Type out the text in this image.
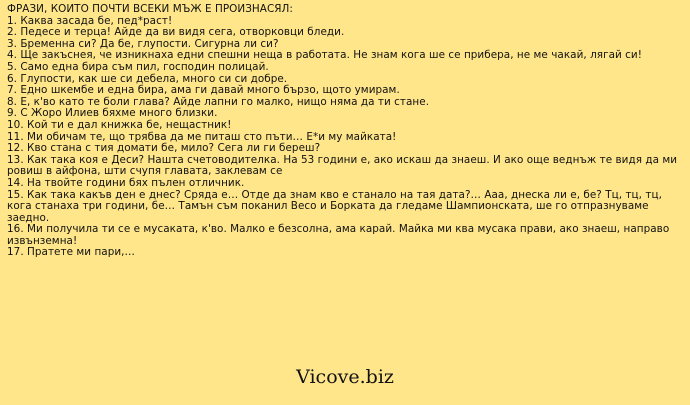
ФРАЗИ, КОИТО ПОЧТИ ВСЕКИ МЪЖ Е ПРОИЗНАСЯЛ:
1. Каква засада бе, пед*раст!
2. Педесе и терца! Айде да ви видя сега, отворковци бледи.
3. Бременна си? Да бе, глупости. Сигурна ли си?
4. Ще закъснея, че изникнаха едни спешни неща в работата. Не знам кога ше се прибера, не ме чакай, лягай си!
5. Само една бира съм пил, господин полицай.
6. Глупости, как ше си дебела, много си си добре.
7. Едно шкембе и една бира, ама ги давай много бързо, щото умирам.
8. Е, к'во като те боли глава? Айде лапни го малко, нищо няма да ти стане.
9. С Жоро Илиев бяхме много близки.
10. Кой ти е дал книжка бе, нещастник!
11. Ми обичам те, що трябва да ме питаш сто пъти… Е*и му майката!
12. Кво стана с тия домати бе, мило? Сега ли ги береш?
13. Как така коя е Деси? Нашта счетоводителка. На 53 години е, ако искаш да знаеш. И ако още веднъж те видя да ми ровиш в айфона, шти счупя главата, заклевам се
14. На твойте години бях пълен отличник.
15. Как така какъв ден е днес? Сряда е… Отде да знам кво е станало на тая дата?… Ааа, днеска ли е, бе? Тц, тц, тц, кога станаха три години, бе… Тамън съм поканил Весо и Борката да гледаме Шампионската, ше го отпразнуваме заедно.
16. Ми получила ти се е мусаката, к'во. Малко е безсолна, ама карай. Майка ми ква мусака прави, ако знаеш, направо извънземна!
17. Пратете ми пари,…
Vicove.biz
